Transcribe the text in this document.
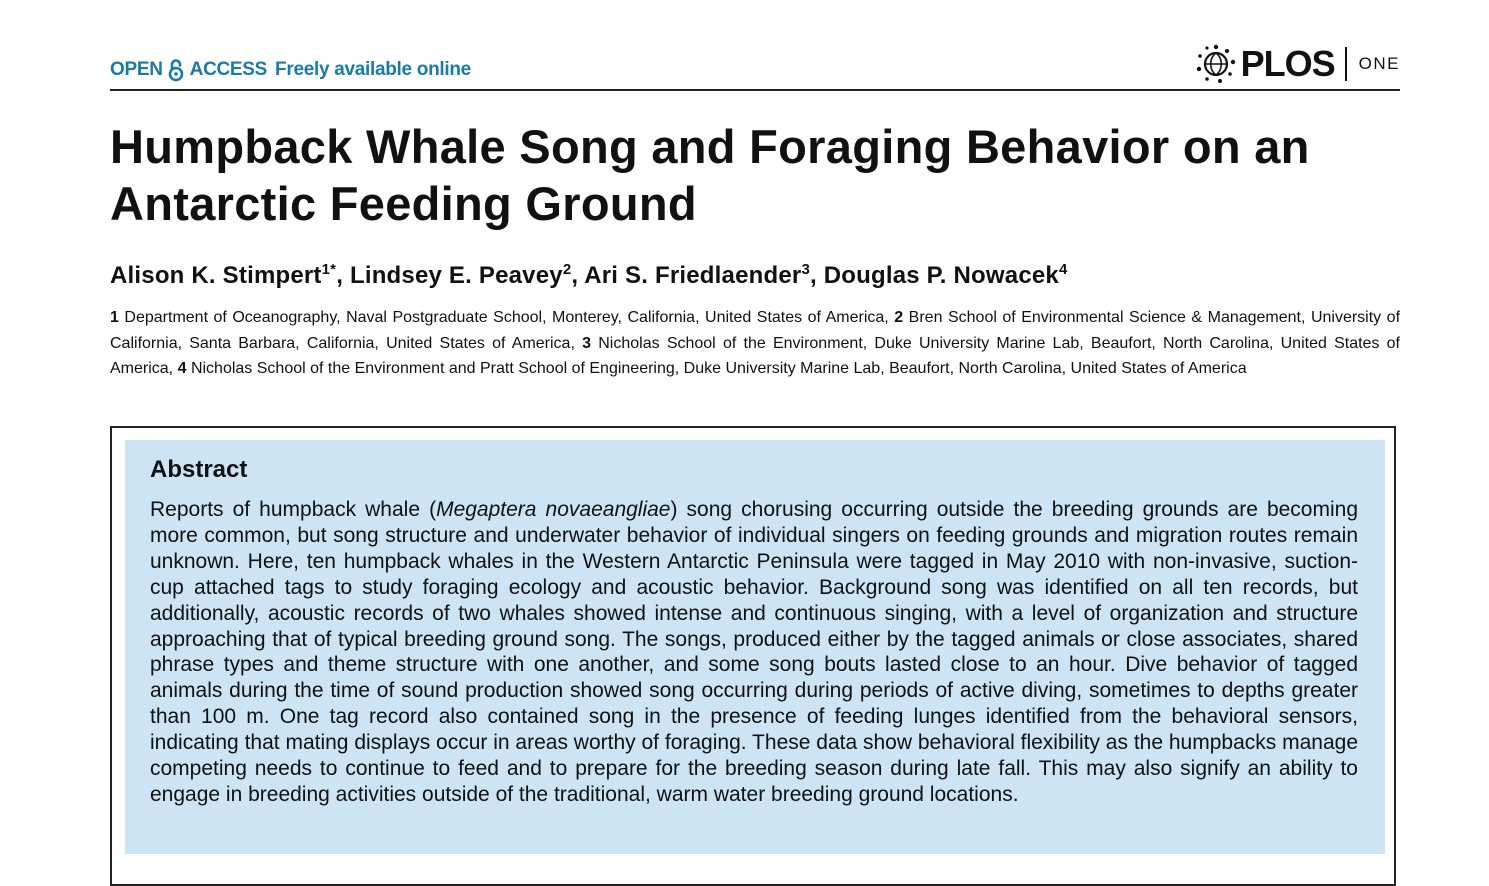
OPEN ACCESS Freely available online	PLOS ONE
Humpback Whale Song and Foraging Behavior on an Antarctic Feeding Ground

Alison K. Stimpert$^{1*}$, Lindsey E. Peavey$^2$, Ari S. Friedlaender$^3$, Douglas P. Nowacek$^4$

1 Department of Oceanography, Naval Postgraduate School, Monterey, California, United States of America, 2 Bren School of Environmental Science & Management, University of California, Santa Barbara, California, United States of America, 3 Nicholas School of the Environment, Duke University Marine Lab, Beaufort, North Carolina, United States of America, 4 Nicholas School of the Environment and Pratt School of Engineering, Duke University Marine Lab, Beaufort, North Carolina, United States of America

Abstract

Reports of humpback whale (Megaptera novaeangliae) song chorusing occurring outside the breeding grounds are becoming more common, but song structure and underwater behavior of individual singers on feeding grounds and migration routes remain unknown. Here, ten humpback whales in the Western Antarctic Peninsula were tagged in May 2010 with non-invasive, suction-cup attached tags to study foraging ecology and acoustic behavior. Background song was identified on all ten records, but additionally, acoustic records of two whales showed intense and continuous singing, with a level of organization and structure approaching that of typical breeding ground song. The songs, produced either by the tagged animals or close associates, shared phrase types and theme structure with one another, and some song bouts lasted close to an hour. Dive behavior of tagged animals during the time of sound production showed song occurring during periods of active diving, sometimes to depths greater than 100 m. One tag record also contained song in the presence of feeding lunges identified from the behavioral sensors, indicating that mating displays occur in areas worthy of foraging. These data show behavioral flexibility as the humpbacks manage competing needs to continue to feed and to prepare for the breeding season during late fall. This may also signify an ability to engage in breeding activities outside of the traditional, warm water breeding ground locations.
